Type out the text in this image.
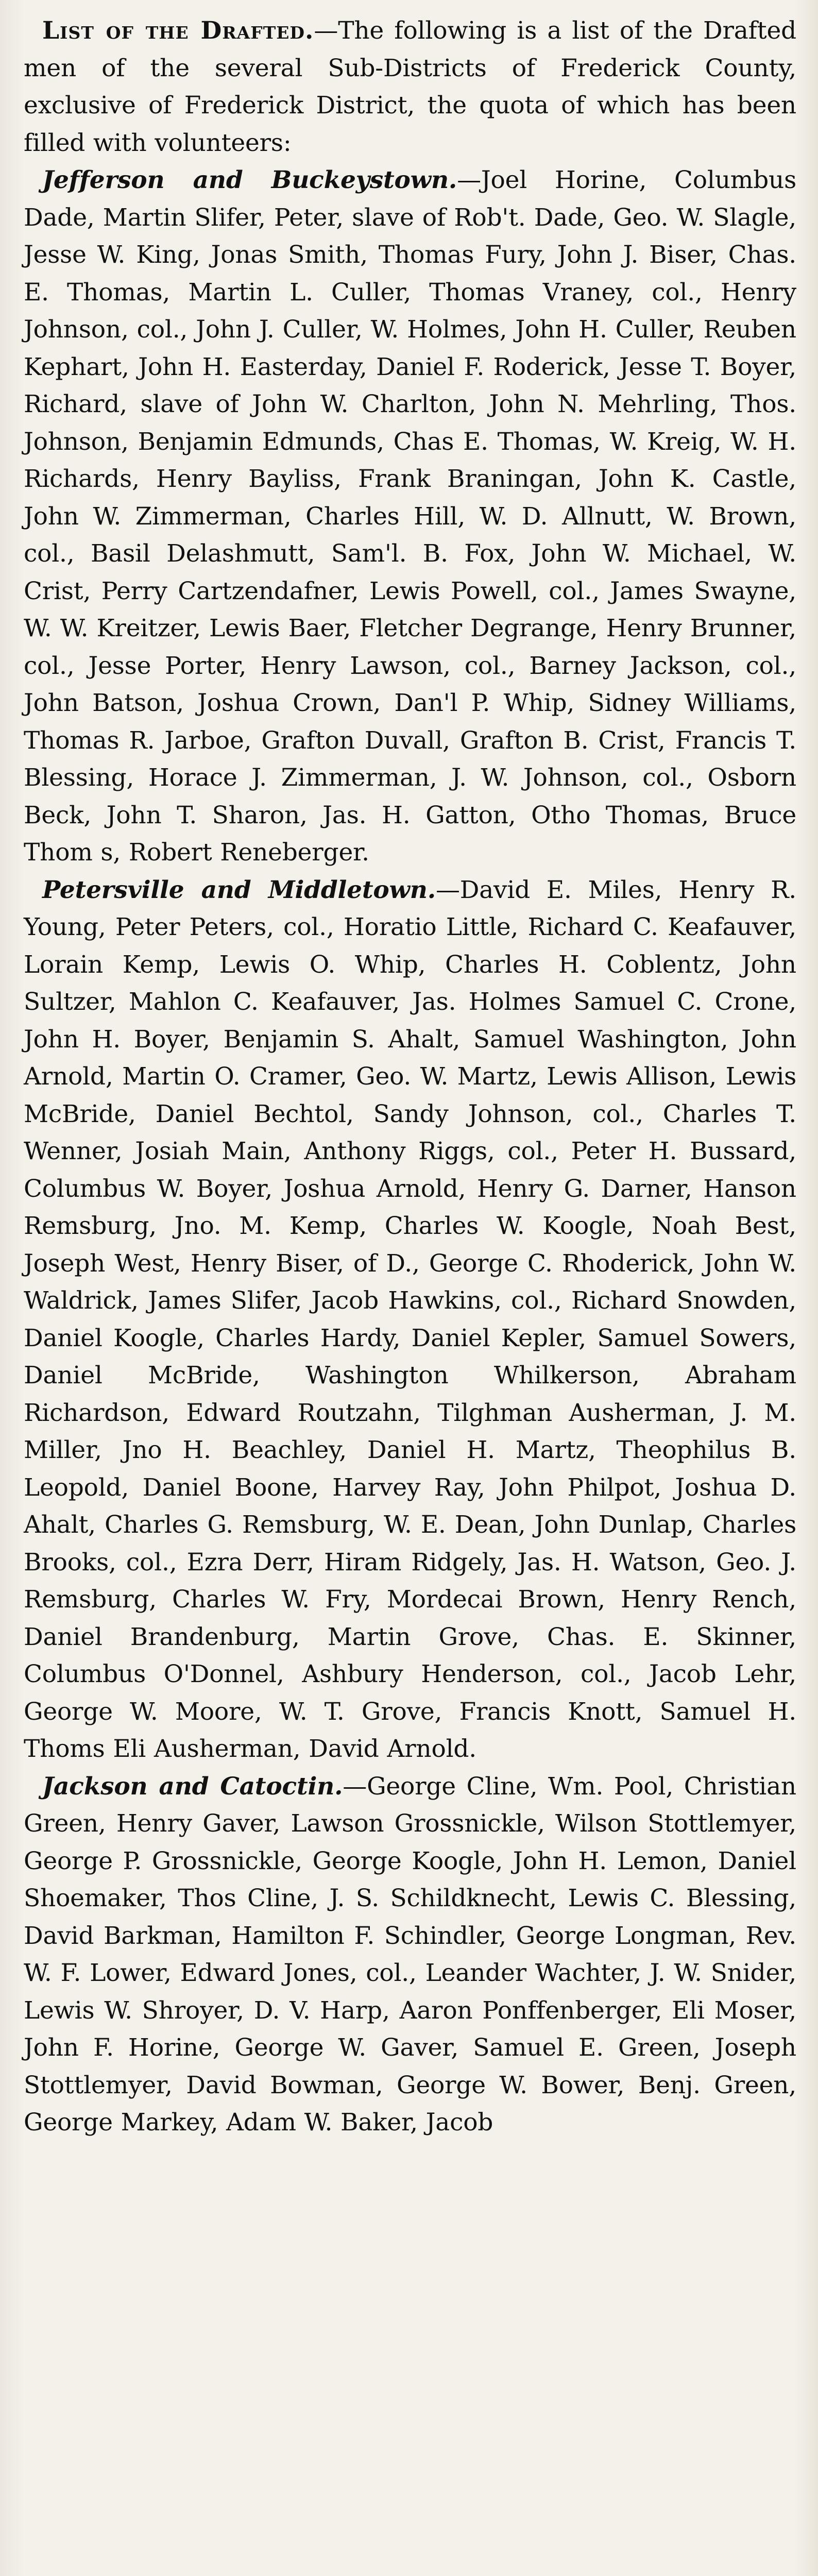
List of the Drafted.—The following is a list of the Drafted men of the several Sub-Districts of Frederick County, exclusive of Frederick District, the quota of which has been filled with volunteers:

Jefferson and Buckeystown.—Joel Horine, Columbus Dade, Martin Slifer, Peter, slave of Rob't. Dade, Geo. W. Slagle, Jesse W. King, Jonas Smith, Thomas Fury, John J. Biser, Chas. E. Thomas, Martin L. Culler, Thomas Vraney, col., Henry Johnson, col., John J. Culler, W. Holmes, John H. Culler, Reuben Kephart, John H. Easterday, Daniel F. Roderick, Jesse T. Boyer, Richard, slave of John W. Charlton, John N. Mehrling, Thos. Johnson, Benjamin Edmunds, Chas E. Thomas, W. Kreig, W. H. Richards, Henry Bayliss, Frank Braningan, John K. Castle, John W. Zimmerman, Charles Hill, W. D. Allnutt, W. Brown, col., Basil Delashmutt, Sam'l. B. Fox, John W. Michael, W. Crist, Perry Cartzendafner, Lewis Powell, col., James Swayne, W. W. Kreitzer, Lewis Baer, Fletcher Degrange, Henry Brunner, col., Jesse Porter, Henry Lawson, col., Barney Jackson, col., John Batson, Joshua Crown, Dan'l P. Whip, Sidney Williams, Thomas R. Jarboe, Grafton Duvall, Grafton B. Crist, Francis T. Blessing, Horace J. Zimmerman, J. W. Johnson, col., Osborn Beck, John T. Sharon, Jas. H. Gatton, Otho Thomas, Bruce Thom s, Robert Reneberger.

Petersville and Middletown.—David E. Miles, Henry R. Young, Peter Peters, col., Horatio Little, Richard C. Keafauver, Lorain Kemp, Lewis O. Whip, Charles H. Coblentz, John Sultzer, Mahlon C. Keafauver, Jas. Holmes Samuel C. Crone, John H. Boyer, Benjamin S. Ahalt, Samuel Washington, John Arnold, Martin O. Cramer, Geo. W. Martz, Lewis Allison, Lewis McBride, Daniel Bechtol, Sandy Johnson, col., Charles T. Wenner, Josiah Main, Anthony Riggs, col., Peter H. Bussard, Columbus W. Boyer, Joshua Arnold, Henry G. Darner, Hanson Remsburg, Jno. M. Kemp, Charles W. Koogle, Noah Best, Joseph West, Henry Biser, of D., George C. Rhoderick, John W. Waldrick, James Slifer, Jacob Hawkins, col., Richard Snowden, Daniel Koogle, Charles Hardy, Daniel Kepler, Samuel Sowers, Daniel McBride, Washington Whilkerson, Abraham Richardson, Edward Routzahn, Tilghman Ausherman, J. M. Miller, Jno H. Beachley, Daniel H. Martz, Theophilus B. Leopold, Daniel Boone, Harvey Ray, John Philpot, Joshua D. Ahalt, Charles G. Remsburg, W. E. Dean, John Dunlap, Charles Brooks, col., Ezra Derr, Hiram Ridgely, Jas. H. Watson, Geo. J. Remsburg, Charles W. Fry, Mordecai Brown, Henry Rench, Daniel Brandenburg, Martin Grove, Chas. E. Skinner, Columbus O'Donnel, Ashbury Henderson, col., Jacob Lehr, George W. Moore, W. T. Grove, Francis Knott, Samuel H. Thoms Eli Ausherman, David Arnold.

Jackson and Catoctin.—George Cline, Wm. Pool, Christian Green, Henry Gaver, Lawson Grossnickle, Wilson Stottlemyer, George P. Grossnickle, George Koogle, John H. Lemon, Daniel Shoemaker, Thos Cline, J. S. Schildknecht, Lewis C. Blessing, David Barkman, Hamilton F. Schindler, George Longman, Rev. W. F. Lower, Edward Jones, col., Leander Wachter, J. W. Snider, Lewis W. Shroyer, D. V. Harp, Aaron Ponffenberger, Eli Moser, John F. Horine, George W. Gaver, Samuel E. Green, Joseph Stottlemyer, David Bowman, George W. Bower, Benj. Green, George Markey, Adam W. Baker, Jacob
